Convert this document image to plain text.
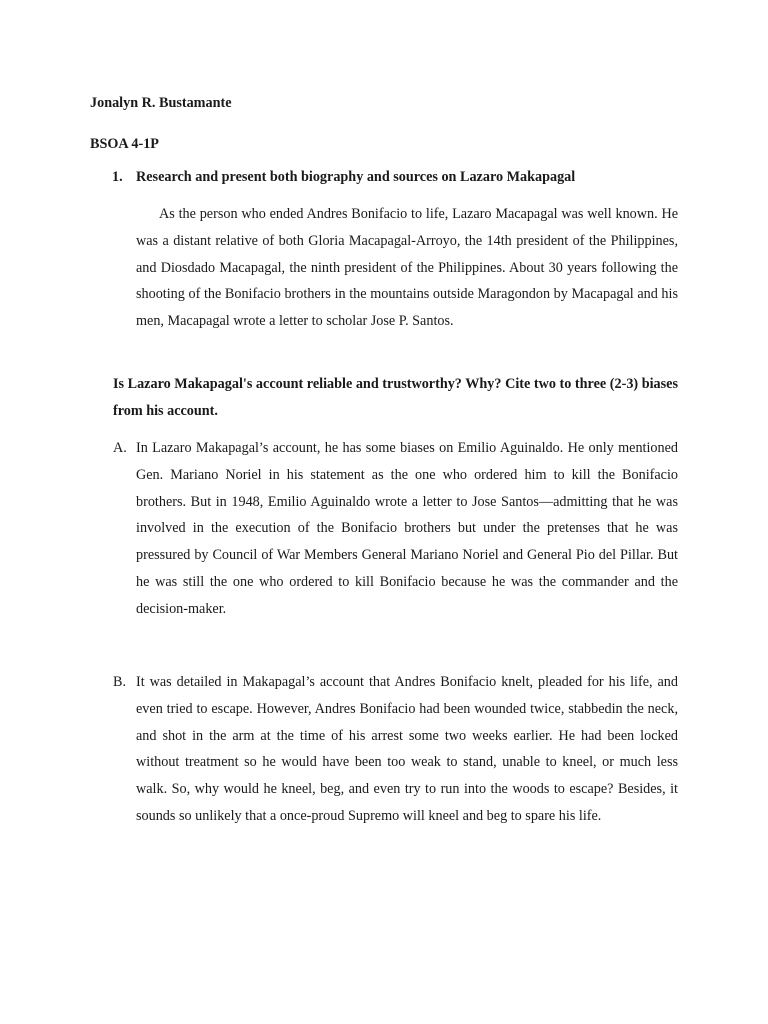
Jonalyn R. Bustamante
BSOA 4-1P
1. Research and present both biography and sources on Lazaro Makapagal
As the person who ended Andres Bonifacio to life, Lazaro Macapagal was well known. He was a distant relative of both Gloria Macapagal-Arroyo, the 14th president of the Philippines, and Diosdado Macapagal, the ninth president of the Philippines. About 30 years following the shooting of the Bonifacio brothers in the mountains outside Maragondon by Macapagal and his men, Macapagal wrote a letter to scholar Jose P. Santos.
Is Lazaro Makapagal's account reliable and trustworthy? Why? Cite two to three (2-3) biases from his account.
A. In Lazaro Makapagal’s account, he has some biases on Emilio Aguinaldo. He only mentioned Gen. Mariano Noriel in his statement as the one who ordered him to kill the Bonifacio brothers. But in 1948, Emilio Aguinaldo wrote a letter to Jose Santos—admitting that he was involved in the execution of the Bonifacio brothers but under the pretenses that he was pressured by Council of War Members General Mariano Noriel and General Pio del Pillar. But he was still the one who ordered to kill Bonifacio because he was the commander and the decision-maker.
B. It was detailed in Makapagal’s account that Andres Bonifacio knelt, pleaded for his life, and even tried to escape. However, Andres Bonifacio had been wounded twice, stabbedin the neck, and shot in the arm at the time of his arrest some two weeks earlier. He had been locked without treatment so he would have been too weak to stand, unable to kneel, or much less walk. So, why would he kneel, beg, and even try to run into the woods to escape? Besides, it sounds so unlikely that a once-proud Supremo will kneel and beg to spare his life.
